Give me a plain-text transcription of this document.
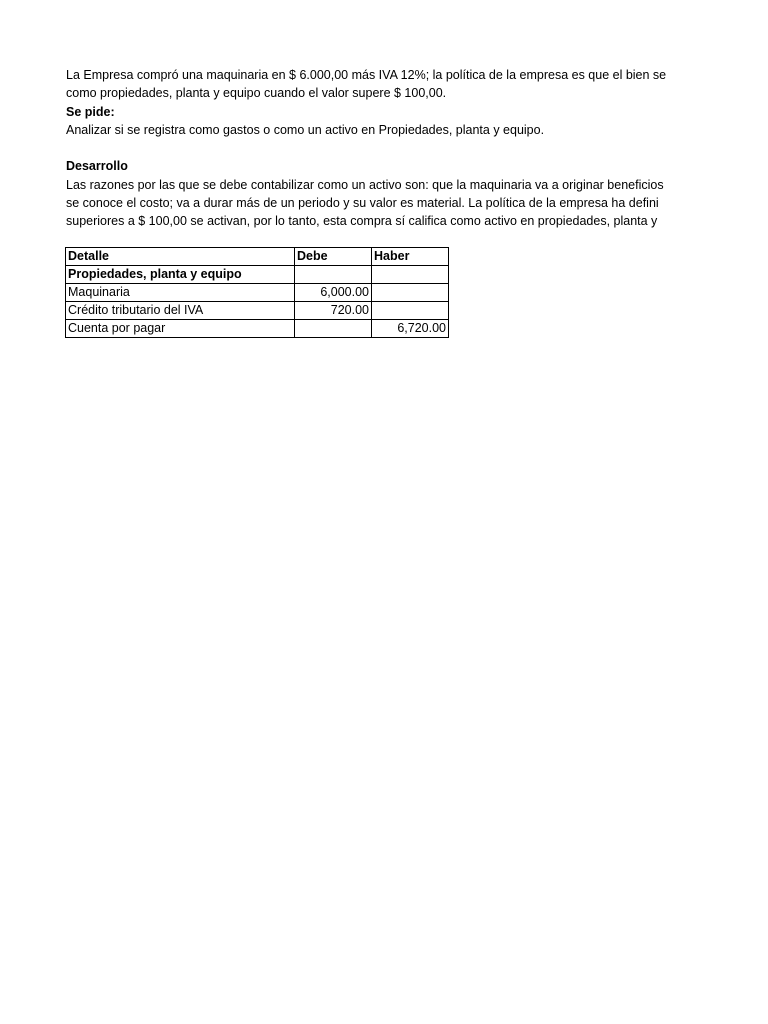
La Empresa compró una maquinaria en $ 6.000,00 más IVA 12%; la política de la empresa es que el bien se
como propiedades, planta y equipo cuando el valor supere $ 100,00.
Se pide:
Analizar si se registra como gastos o como un activo en Propiedades, planta y equipo.
Desarrollo
Las razones por las que se debe contabilizar como un activo son: que la maquinaria va a originar beneficios
se conoce el costo; va a durar más de un periodo y su valor es material. La política de la empresa ha defini
superiores a $ 100,00 se activan, por lo tanto, esta compra sí califica como activo en propiedades, planta y
Detalle	Debe	Haber
Propiedades, planta y equipo		
Maquinaria	6,000.00	
Crédito tributario del IVA	720.00	
Cuenta por pagar		6,720.00
